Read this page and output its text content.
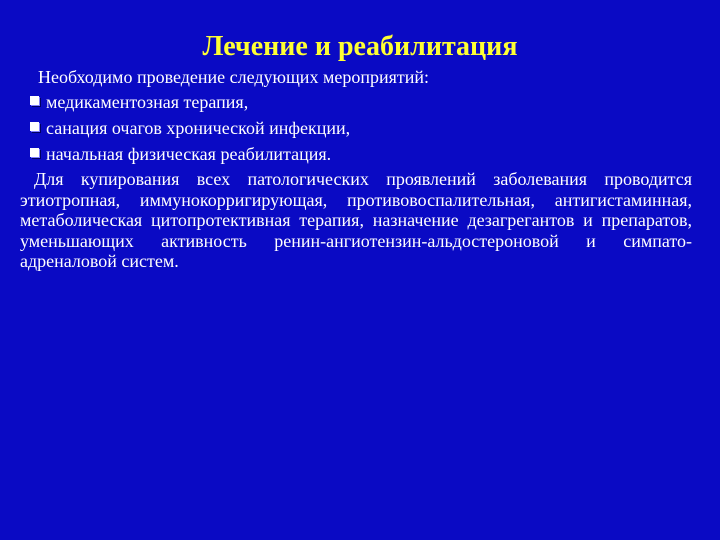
Лечение и реабилитация
Необходимо проведение следующих мероприятий:
медикаментозная терапия,
санация очагов хронической инфекции,
начальная физическая реабилитация.
Для купирования всех патологических проявлений заболевания проводится этиотропная, иммунокорригирующая, противовоспалительная, антигистаминная, метаболическая цитопротективная терапия, назначение дезагрегантов и препаратов, уменьшающих активность ренин-ангиотензин-альдостероновой и симпато-адреналовой систем.
